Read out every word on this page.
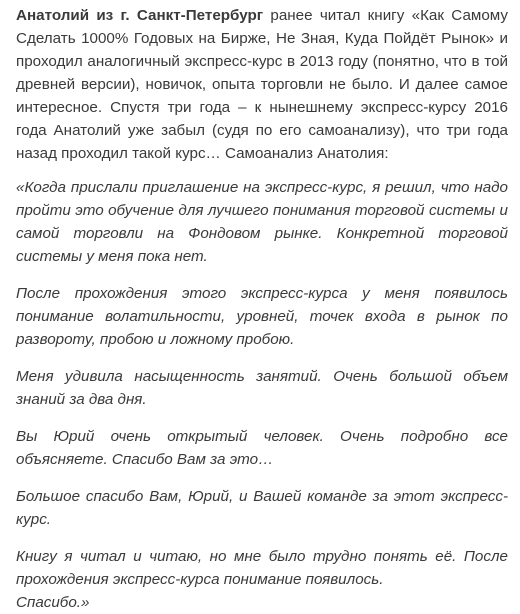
Анатолий из г. Санкт-Петербург ранее читал книгу «Как Самому Сделать 1000% Годовых на Бирже, Не Зная, Куда Пойдёт Рынок» и проходил аналогичный экспресс-курс в 2013 году (понятно, что в той древней версии), новичок, опыта торговли не было. И далее самое интересное. Спустя три года – к нынешнему экспресс-курсу 2016 года Анатолий уже забыл (судя по его самоанализу), что три года назад проходил такой курс… Самоанализ Анатолия:

«Когда прислали приглашение на экспресс-курс, я решил, что надо пройти это обучение для лучшего понимания торговой системы и самой торговли на Фондовом рынке. Конкретной торговой системы у меня пока нет.

После прохождения этого экспресс-курса у меня появилось понимание волатильности, уровней, точек входа в рынок по развороту, пробою и ложному пробою.

Меня удивила насыщенность занятий. Очень большой объем знаний за два дня.

Вы Юрий очень открытый человек. Очень подробно все объясняете. Спасибо Вам за это…

Большое спасибо Вам, Юрий, и Вашей команде за этот экспресс-курс.

Книгу я читал и читаю, но мне было трудно понять её. После прохождения экспресс-курса понимание появилось.
Спасибо.»
